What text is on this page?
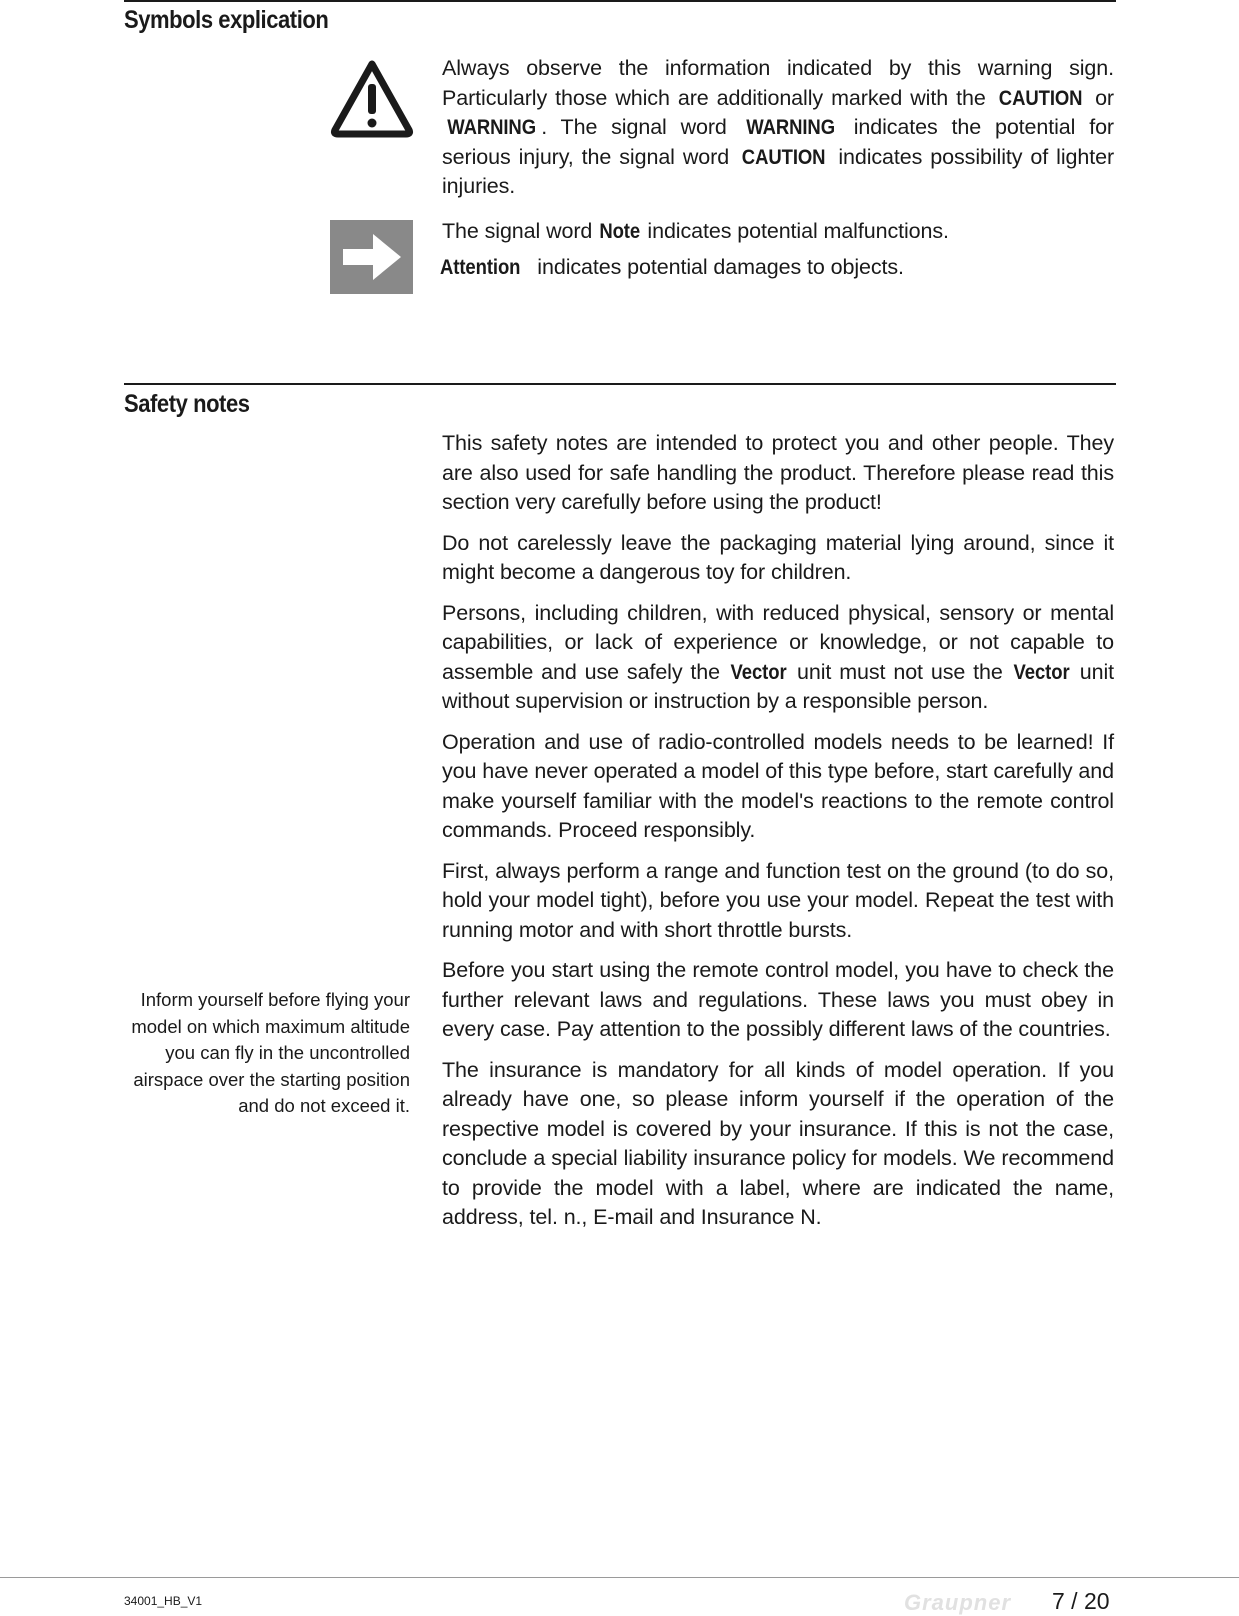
Symbols explication

Always observe the information indicated by this warning sign. Particularly those which are additionally marked with the CAUTION or WARNING . The signal word WARNING indicates the potential for serious injury, the signal word CAUTION indicates possibility of lighter injuries.

The signal word Note indicates potential malfunctions.

Attention indicates potential damages to objects.

Safety notes

This safety notes are intended to protect you and other people. They are also used for safe handling the product. Therefore please read this section very carefully before using the product!

Do not carelessly leave the packaging material lying around, since it might become a dangerous toy for children.

Persons, including children, with reduced physical, sensory or mental capabilities, or lack of experience or knowledge, or not capable to assemble and use safely the Vector unit must not use the Vector unit without supervision or instruction by a responsible person.

Operation and use of radio-controlled models needs to be learned! If you have never operated a model of this type before, start carefully and make yourself familiar with the model's reactions to the remote control commands. Proceed responsibly.

First, always perform a range and function test on the ground (to do so, hold your model tight), before you use your model. Repeat the test with running motor and with short throttle bursts.

Before you start using the remote control model, you have to check the further relevant laws and regulations. These laws you must obey in every case. Pay attention to the possibly different laws of the countries.

The insurance is mandatory for all kinds of model operation. If you already have one, so please inform yourself if the operation of the respective model is covered by your insurance. If this is not the case, conclude a special liability insurance policy for models. We recommend to provide the model with a label, where are indicated the name, address, tel. n., E-mail and Insurance N.

Inform yourself before flying your model on which maximum altitude you can fly in the uncontrolled airspace over the starting position and do not exceed it.
34001_HB_V1	Graupner 7 / 20
